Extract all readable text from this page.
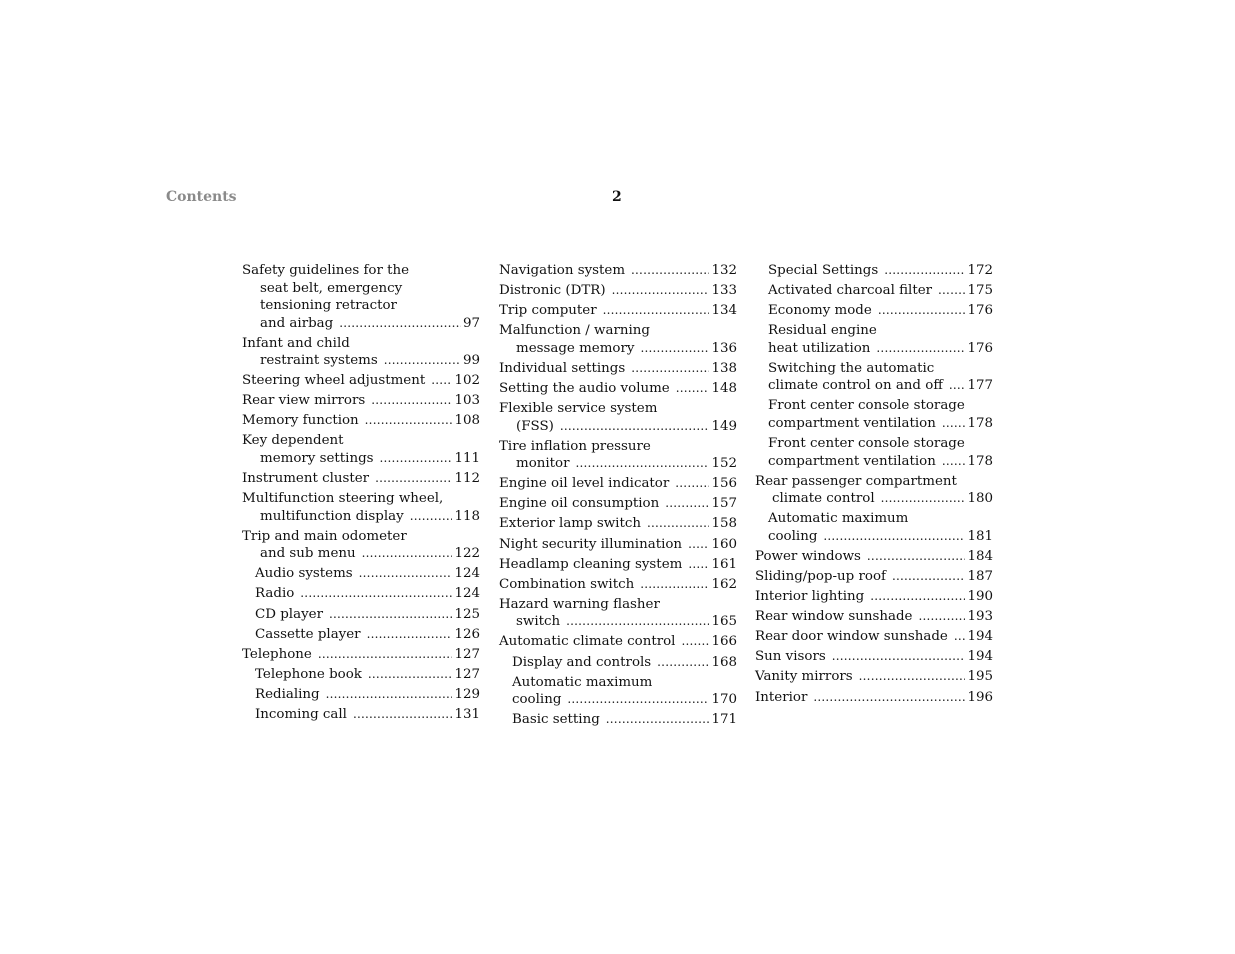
Contents	2
Safety guidelines for the
seat belt, emergency
tensioning retractor
and airbag .....	97
Infant and child
restraint systems .....	99
Steering wheel adjustment ..... 102
Rear view mirrors .....	103
Memory function .....	108
Key dependent
memory settings .....	111
Instrument cluster .....	112
Multifunction steering wheel,
multifunction display .....	118
Trip and main odometer
and sub menu .....	122
Audio systems .....	124
Radio .....	124
CD player .....	125
Cassette player .....	126
Telephone .....	127
Telephone book .....	127
Redialing .....	129
Incoming call .....	131
Navigation system .....	132
Distronic (DTR) .....	133
Trip computer .....	134
Malfunction / warning
message memory .....	136
Individual settings .....	138
Setting the audio volume .....	148
Flexible service system
(FSS) .....	149
Tire inflation pressure
monitor .....	152
Engine oil level indicator .....	156
Engine oil consumption .....	157
Exterior lamp switch .....	158
Night security illumination ..... 160
Headlamp cleaning system ..... 161
Combination switch .....	162
Hazard warning flasher
switch .....	165
Automatic climate control .....	166
Display and controls .....	168
Automatic maximum
cooling .....	170
Basic setting .....	171
Special Settings .....	172
Activated charcoal filter .....	175
Economy mode .....	176
Residual engine
heat utilization .....	176
Switching the automatic
climate control on and off ..... 177
Front center console storage
compartment ventilation ..... 178
Front center console storage
compartment ventilation ..... 178
Rear passenger compartment
climate control .....	180
Automatic maximum
cooling .....	181
Power windows .....	184
Sliding/pop-up roof .....	187
Interior lighting .....	190
Rear window sunshade .....	193
Rear door window sunshade ..... 194
Sun visors .....	194
Vanity mirrors .....	195
Interior .....	196
